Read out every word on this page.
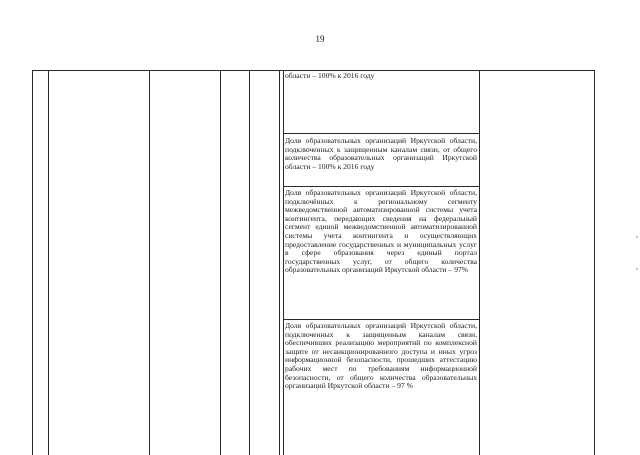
19

области – 100% к 2016 году

Доля образовательных организаций Иркутской области, подключенных к защищенным каналам связи, от общего количества образовательных организаций Иркутской области – 100% к 2016 году

Доля образовательных организаций Иркутской области, подключённых к региональному сегменту межведомственной автоматизированной системы учета контингента, передающих сведения на федеральный сегмент единой межведомственной автоматизированной системы учета контингента и осуществляющих предоставление государственных и муниципальных услуг в сфере образования через единый портал государственных услуг, от общего количества образовательных организаций Иркутской области – 97%

Доля образовательных организаций Иркутской области, подключенных к защищенным каналам связи, обеспечивших реализацию мероприятий по комплексной защите от несанкционированного доступа и иных угроз информационной безопасности, прошедших аттестацию рабочих мест по требованиям информационной безопасности, от общего количества образовательных организаций Иркутской области – 97 %
